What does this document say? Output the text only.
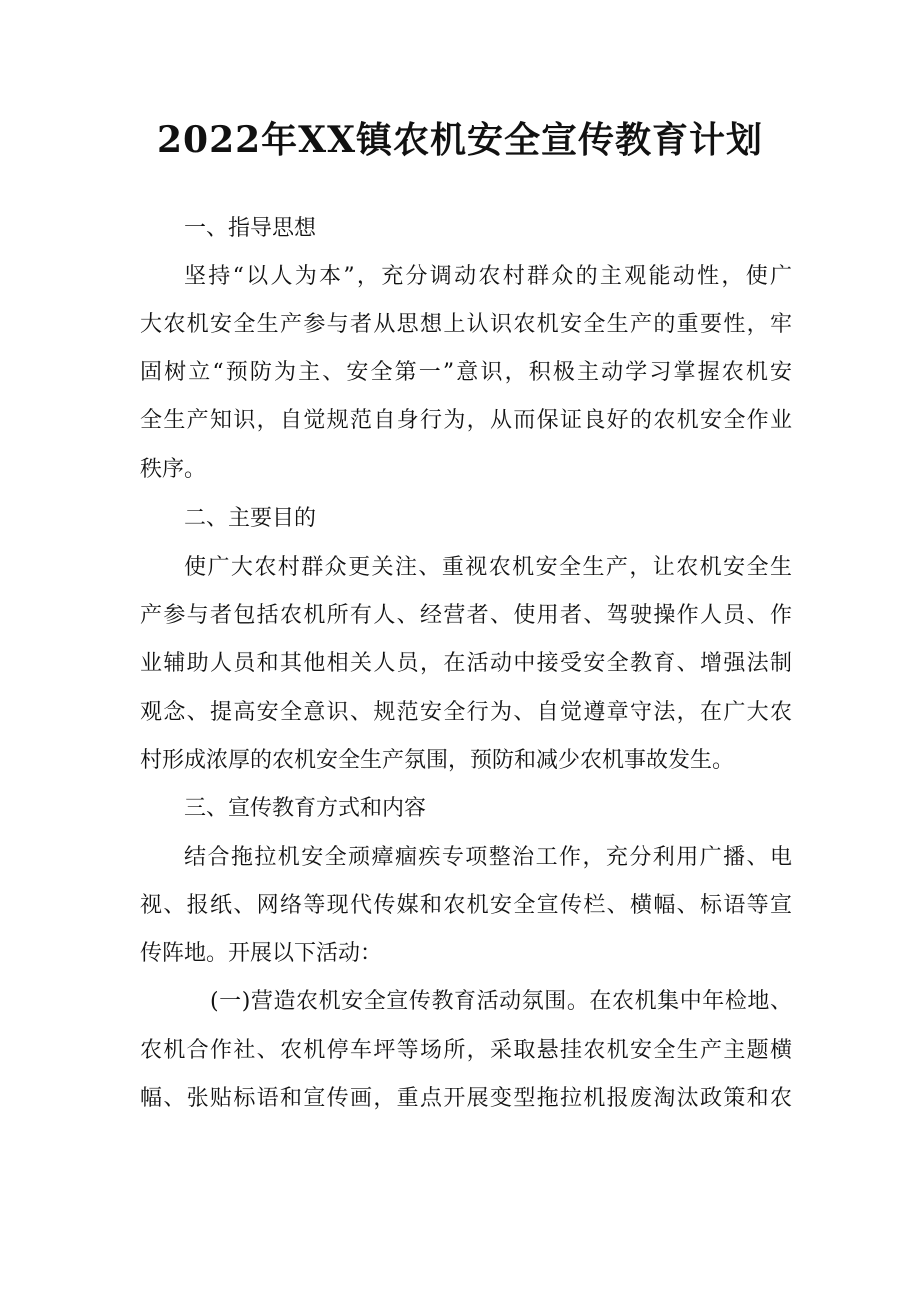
2022年XX镇农机安全宣传教育计划

一、指导思想

坚持“以人为本”，充分调动农村群众的主观能动性，使广

大农机安全生产参与者从思想上认识农机安全生产的重要性，牢

固树立“预防为主、安全第一”意识，积极主动学习掌握农机安

全生产知识，自觉规范自身行为，从而保证良好的农机安全作业

秩序。

二、主要目的

使广大农村群众更关注、重视农机安全生产，让农机安全生

产参与者包括农机所有人、经营者、使用者、驾驶操作人员、作

业辅助人员和其他相关人员，在活动中接受安全教育、增强法制

观念、提高安全意识、规范安全行为、自觉遵章守法，在广大农

村形成浓厚的农机安全生产氛围，预防和减少农机事故发生。

三、宣传教育方式和内容

结合拖拉机安全顽瘴痼疾专项整治工作，充分利用广播、电

视、报纸、网络等现代传媒和农机安全宣传栏、横幅、标语等宣

传阵地。开展以下活动：

(一)营造农机安全宣传教育活动氛围。在农机集中年检地、

农机合作社、农机停车坪等场所，采取悬挂农机安全生产主题横

幅、张贴标语和宣传画，重点开展变型拖拉机报废淘汰政策和农
